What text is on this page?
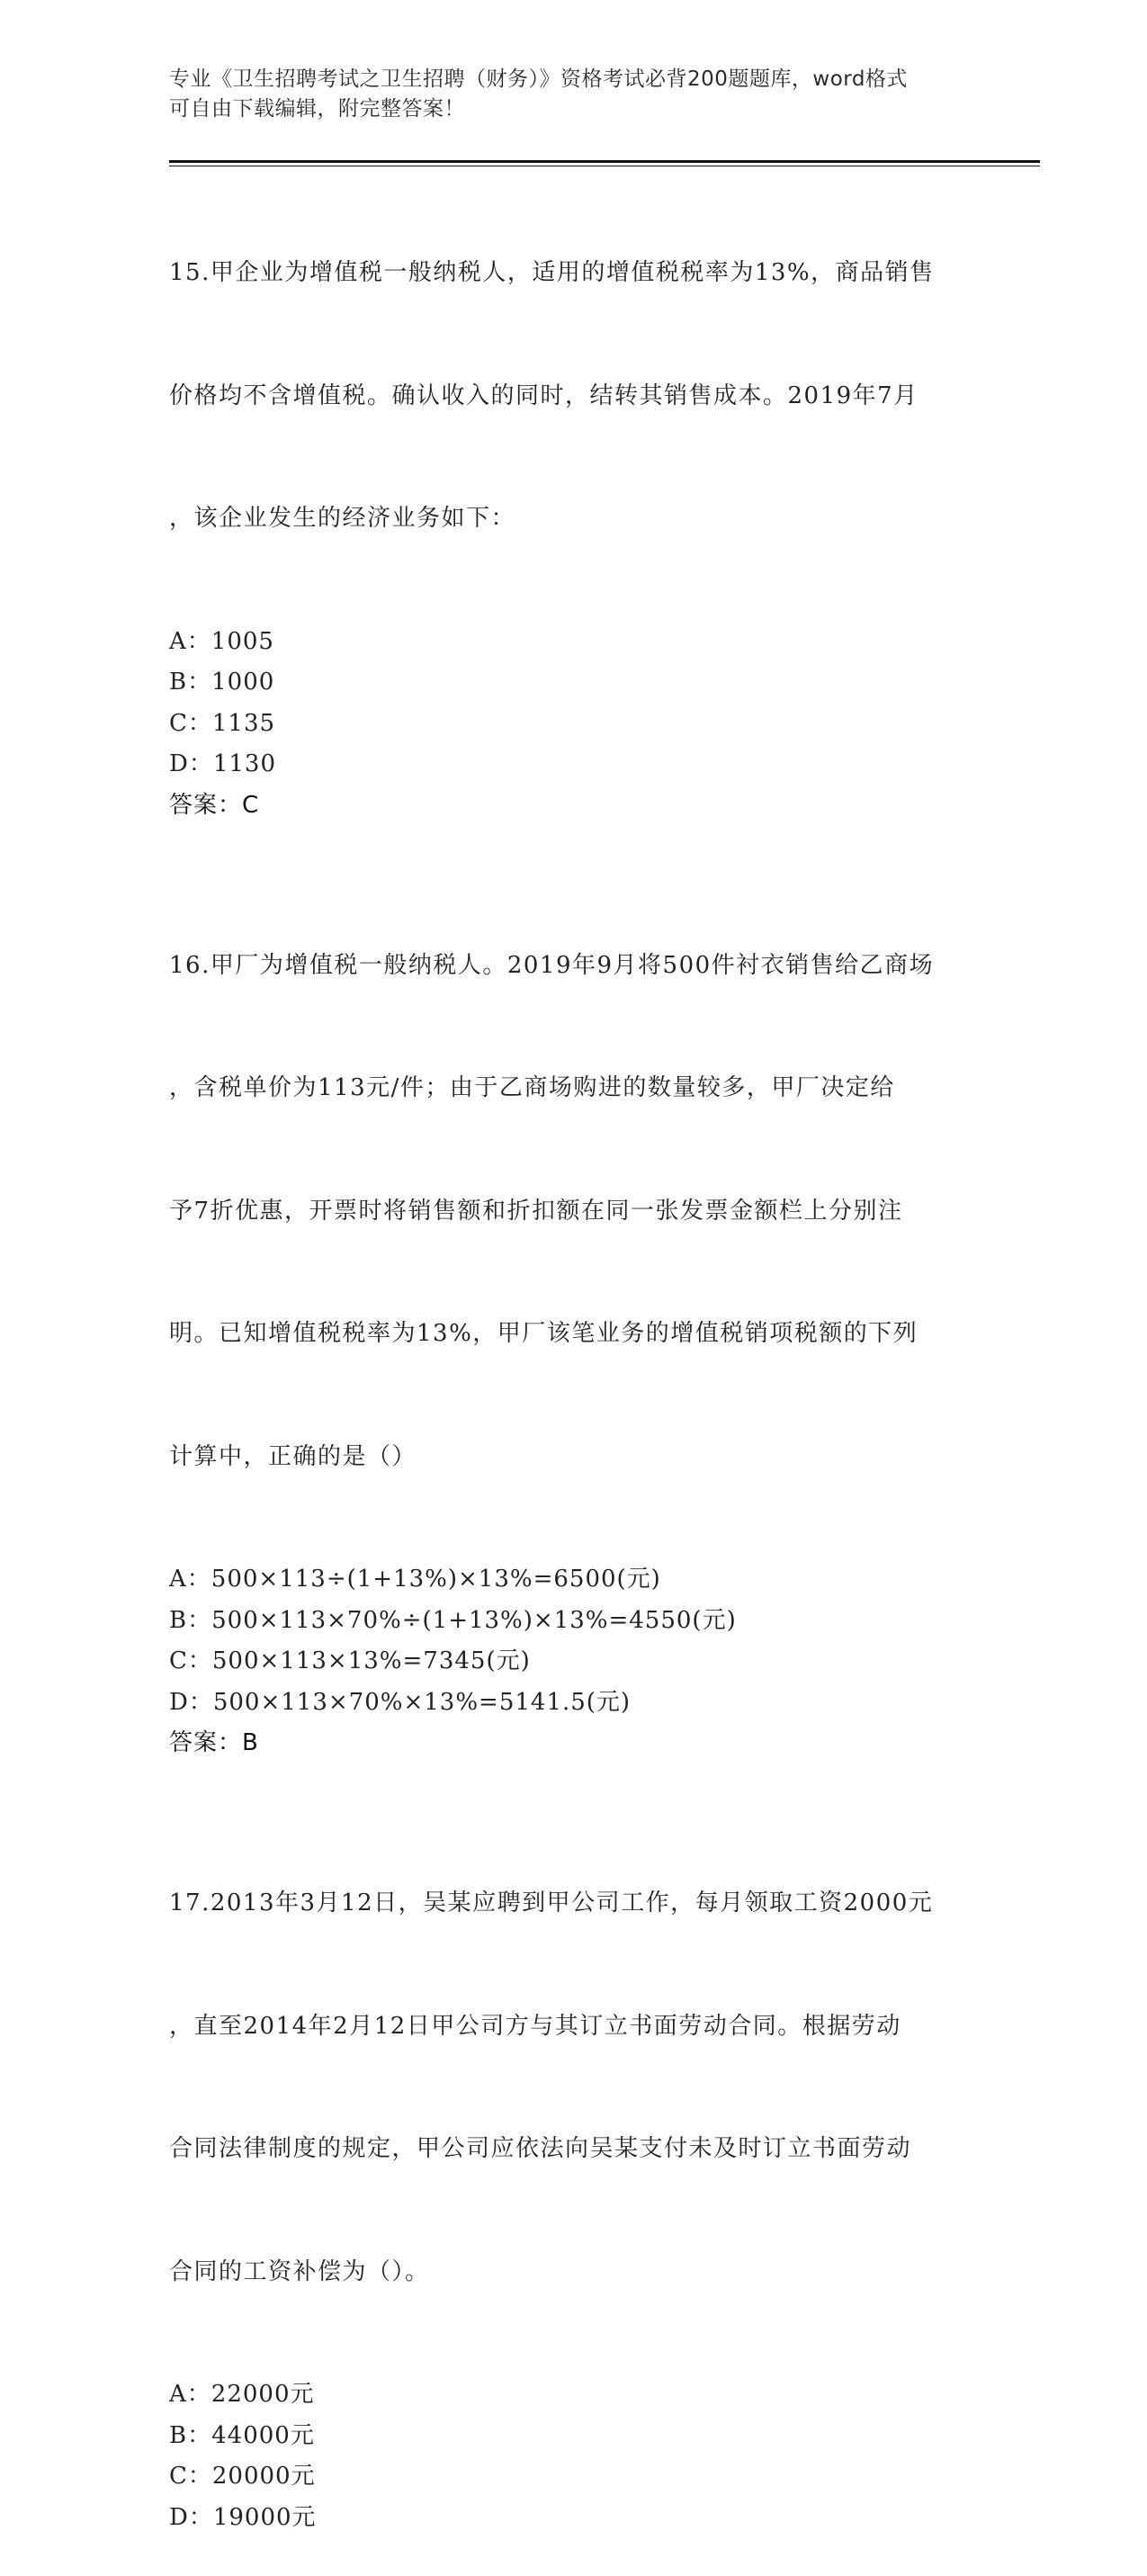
专业《卫生招聘考试之卫生招聘（财务）》资格考试必背200题题库，word格式
可自由下载编辑，附完整答案！

15.甲企业为增值税一般纳税人，适用的增值税税率为13%，商品销售

价格均不含增值税。确认收入的同时，结转其销售成本。2019年7月

，该企业发生的经济业务如下：

A：1005
B：1000
C：1135
D：1130
答案：C

16.甲厂为增值税一般纳税人。2019年9月将500件衬衣销售给乙商场

，含税单价为113元/件；由于乙商场购进的数量较多，甲厂决定给

予7折优惠，开票时将销售额和折扣额在同一张发票金额栏上分别注

明。已知增值税税率为13%，甲厂该笔业务的增值税销项税额的下列

计算中，正确的是（）

A：500×113÷(1+13%)×13%=6500(元)
B：500×113×70%÷(1+13%)×13%=4550(元)
C：500×113×13%=7345(元)
D：500×113×70%×13%=5141.5(元)
答案：B

17.2013年3月12日，吴某应聘到甲公司工作，每月领取工资2000元

，直至2014年2月12日甲公司方与其订立书面劳动合同。根据劳动

合同法律制度的规定，甲公司应依法向吴某支付未及时订立书面劳动

合同的工资补偿为（）。

A：22000元
B：44000元
C：20000元
D：19000元
